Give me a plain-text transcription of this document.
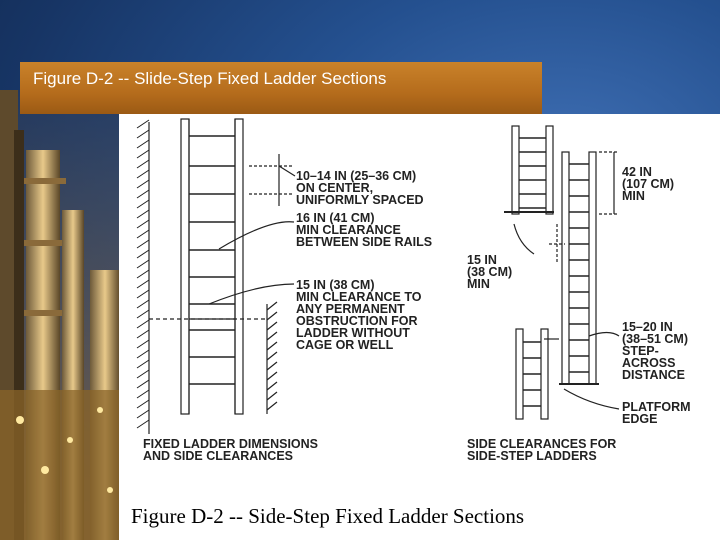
Figure D-2 -- Slide-Step Fixed Ladder Sections
10–14 IN (25–36 CM) ON CENTER, UNIFORMLY SPACED
16 IN (41 CM) MIN CLEARANCE BETWEEN SIDE RAILS
15 IN (38 CM) MIN CLEARANCE TO ANY PERMANENT OBSTRUCTION FOR LADDER WITHOUT CAGE OR WELL
FIXED LADDER DIMENSIONS AND SIDE CLEARANCES
42 IN (107 CM) MIN
15 IN (38 CM) MIN
15–20 IN (38–51 CM) STEP- ACROSS DISTANCE
PLATFORM EDGE
SIDE CLEARANCES FOR SIDE-STEP LADDERS
Figure D-2 -- Side-Step Fixed Ladder Sections
